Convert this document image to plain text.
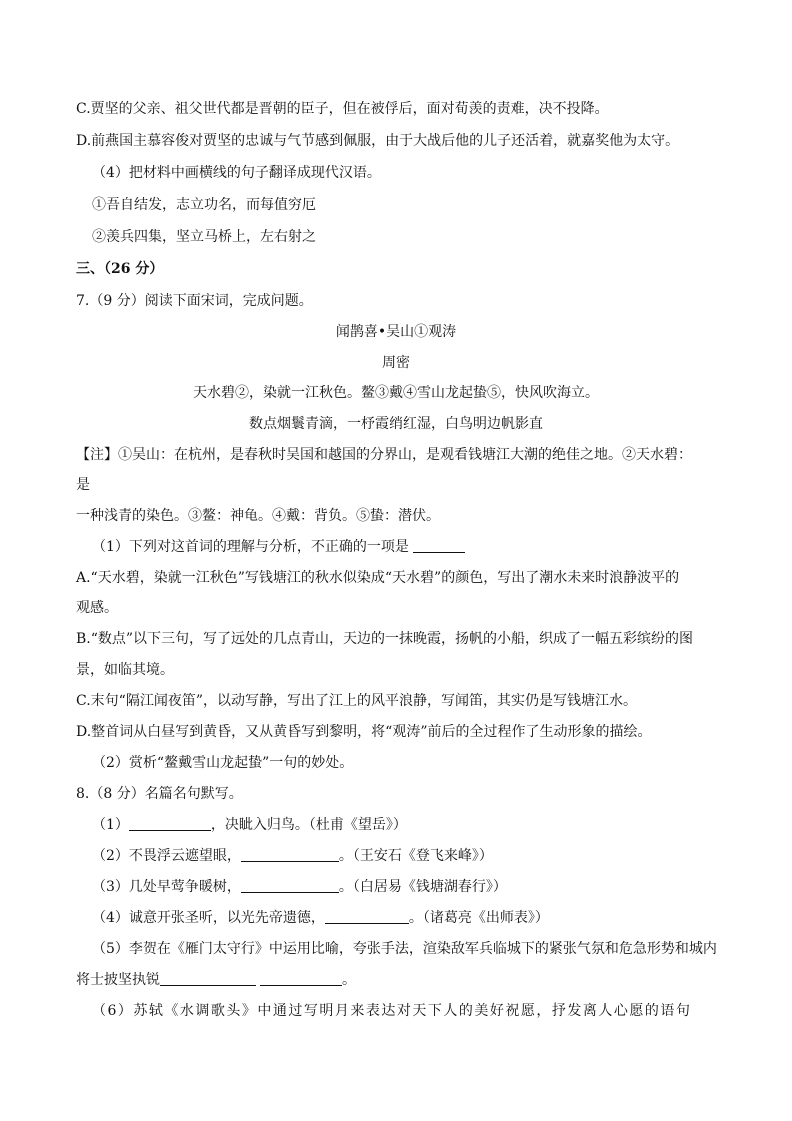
C.贾坚的父亲、祖父世代都是晋朝的臣子，但在被俘后，面对荀羡的责难，决不投降。
D.前燕国主慕容俊对贾坚的忠诚与气节感到佩服，由于大战后他的儿子还活着，就嘉奖他为太守。
（4）把材料中画横线的句子翻译成现代汉语。
①吾自结发，志立功名，而每值穷厄
②羡兵四集，坚立马桥上，左右射之
三、（26 分）
7.（9 分）阅读下面宋词，完成问题。
闻鹊喜•吴山①观涛
周密
天水碧②，染就一江秋色。鳌③戴④雪山龙起蛰⑤，快风吹海立。
数点烟鬟青滴，一杼霞绡红湿，白鸟明边帆影直
【注】①吴山：在杭州，是春秋时吴国和越国的分界山，是观看钱塘江大潮的绝佳之地。②天水碧：
是
一种浅青的染色。③鳌：神龟。④戴：背负。⑤蛰：潜伏。
（1）下列对这首词的理解与分析，不正确的一项是
A.“天水碧，染就一江秋色”写钱塘江的秋水似染成“天水碧”的颜色，写出了潮水未来时浪静波平的
观感。
B.“数点”以下三句，写了远处的几点青山，天边的一抹晚霞，扬帆的小船，织成了一幅五彩缤纷的图
景，如临其境。
C.末句“隔江闻夜笛”，以动写静，写出了江上的风平浪静，写闻笛，其实仍是写钱塘江水。
D.整首词从白昼写到黄昏，又从黄昏写到黎明，将“观涛”前后的全过程作了生动形象的描绘。
（2）赏析“鳌戴雪山龙起蛰”一句的妙处。
8.（8 分）名篇名句默写。
（1）	，决眦入归鸟。（杜甫《望岳》）
（2）不畏浮云遮望眼，	。（王安石《登飞来峰》）
（3）几处早莺争暖树，	。（白居易《钱塘湖春行》）
（4）诚意开张圣听，以光先帝遗德，	。（诸葛亮《出师表》）
（5）李贺在《雁门太守行》中运用比喻，夸张手法，渲染敌军兵临城下的紧张气氛和危急形势和城内
将士披坚执锐	。
（6）苏轼《水调歌头》中通过写明月来表达对天下人的美好祝愿，抒发离人心愿的语句
